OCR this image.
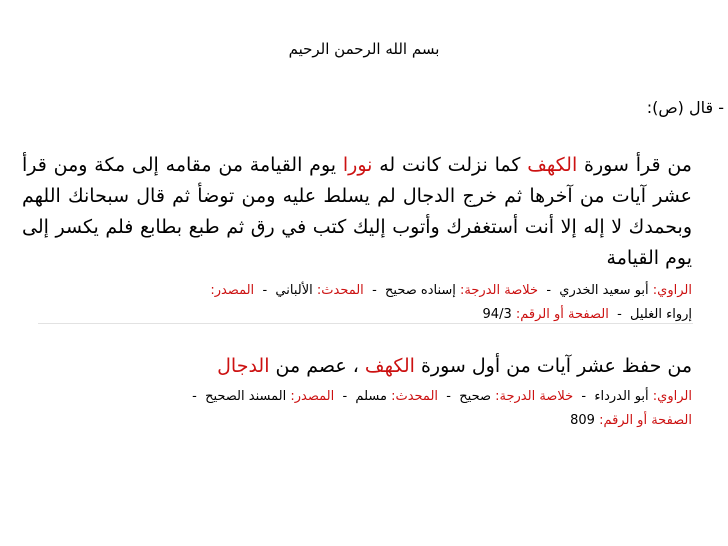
بسم الله الرحمن الرحيم
- قال (ص):
من قرأ سورة الكهف كما نزلت كانت له نورا يوم القيامة من مقامه إلى مكة ومن قرأ عشر آيات من آخرها ثم خرج الدجال لم يسلط عليه ومن توضأ ثم قال سبحانك اللهم وبحمدك لا إله إلا أنت أستغفرك وأتوب إليك كتب في رق ثم طبع بطابع فلم يكسر إلى يوم القيامة
الراوي: أبو سعيد الخدري  -  خلاصة الدرجة: إسناده صحيح  -  المحدث: الألباني  -  المصدر:
إرواء الغليل  -  الصفحة أو الرقم: 94/3
من حفظ عشر آيات من أول سورة الكهف ، عصم من الدجال
الراوي: أبو الدرداء  -  خلاصة الدرجة: صحيح  -  المحدث: مسلم  -  المصدر: المسند الصحيح  -
الصفحة أو الرقم: 809
